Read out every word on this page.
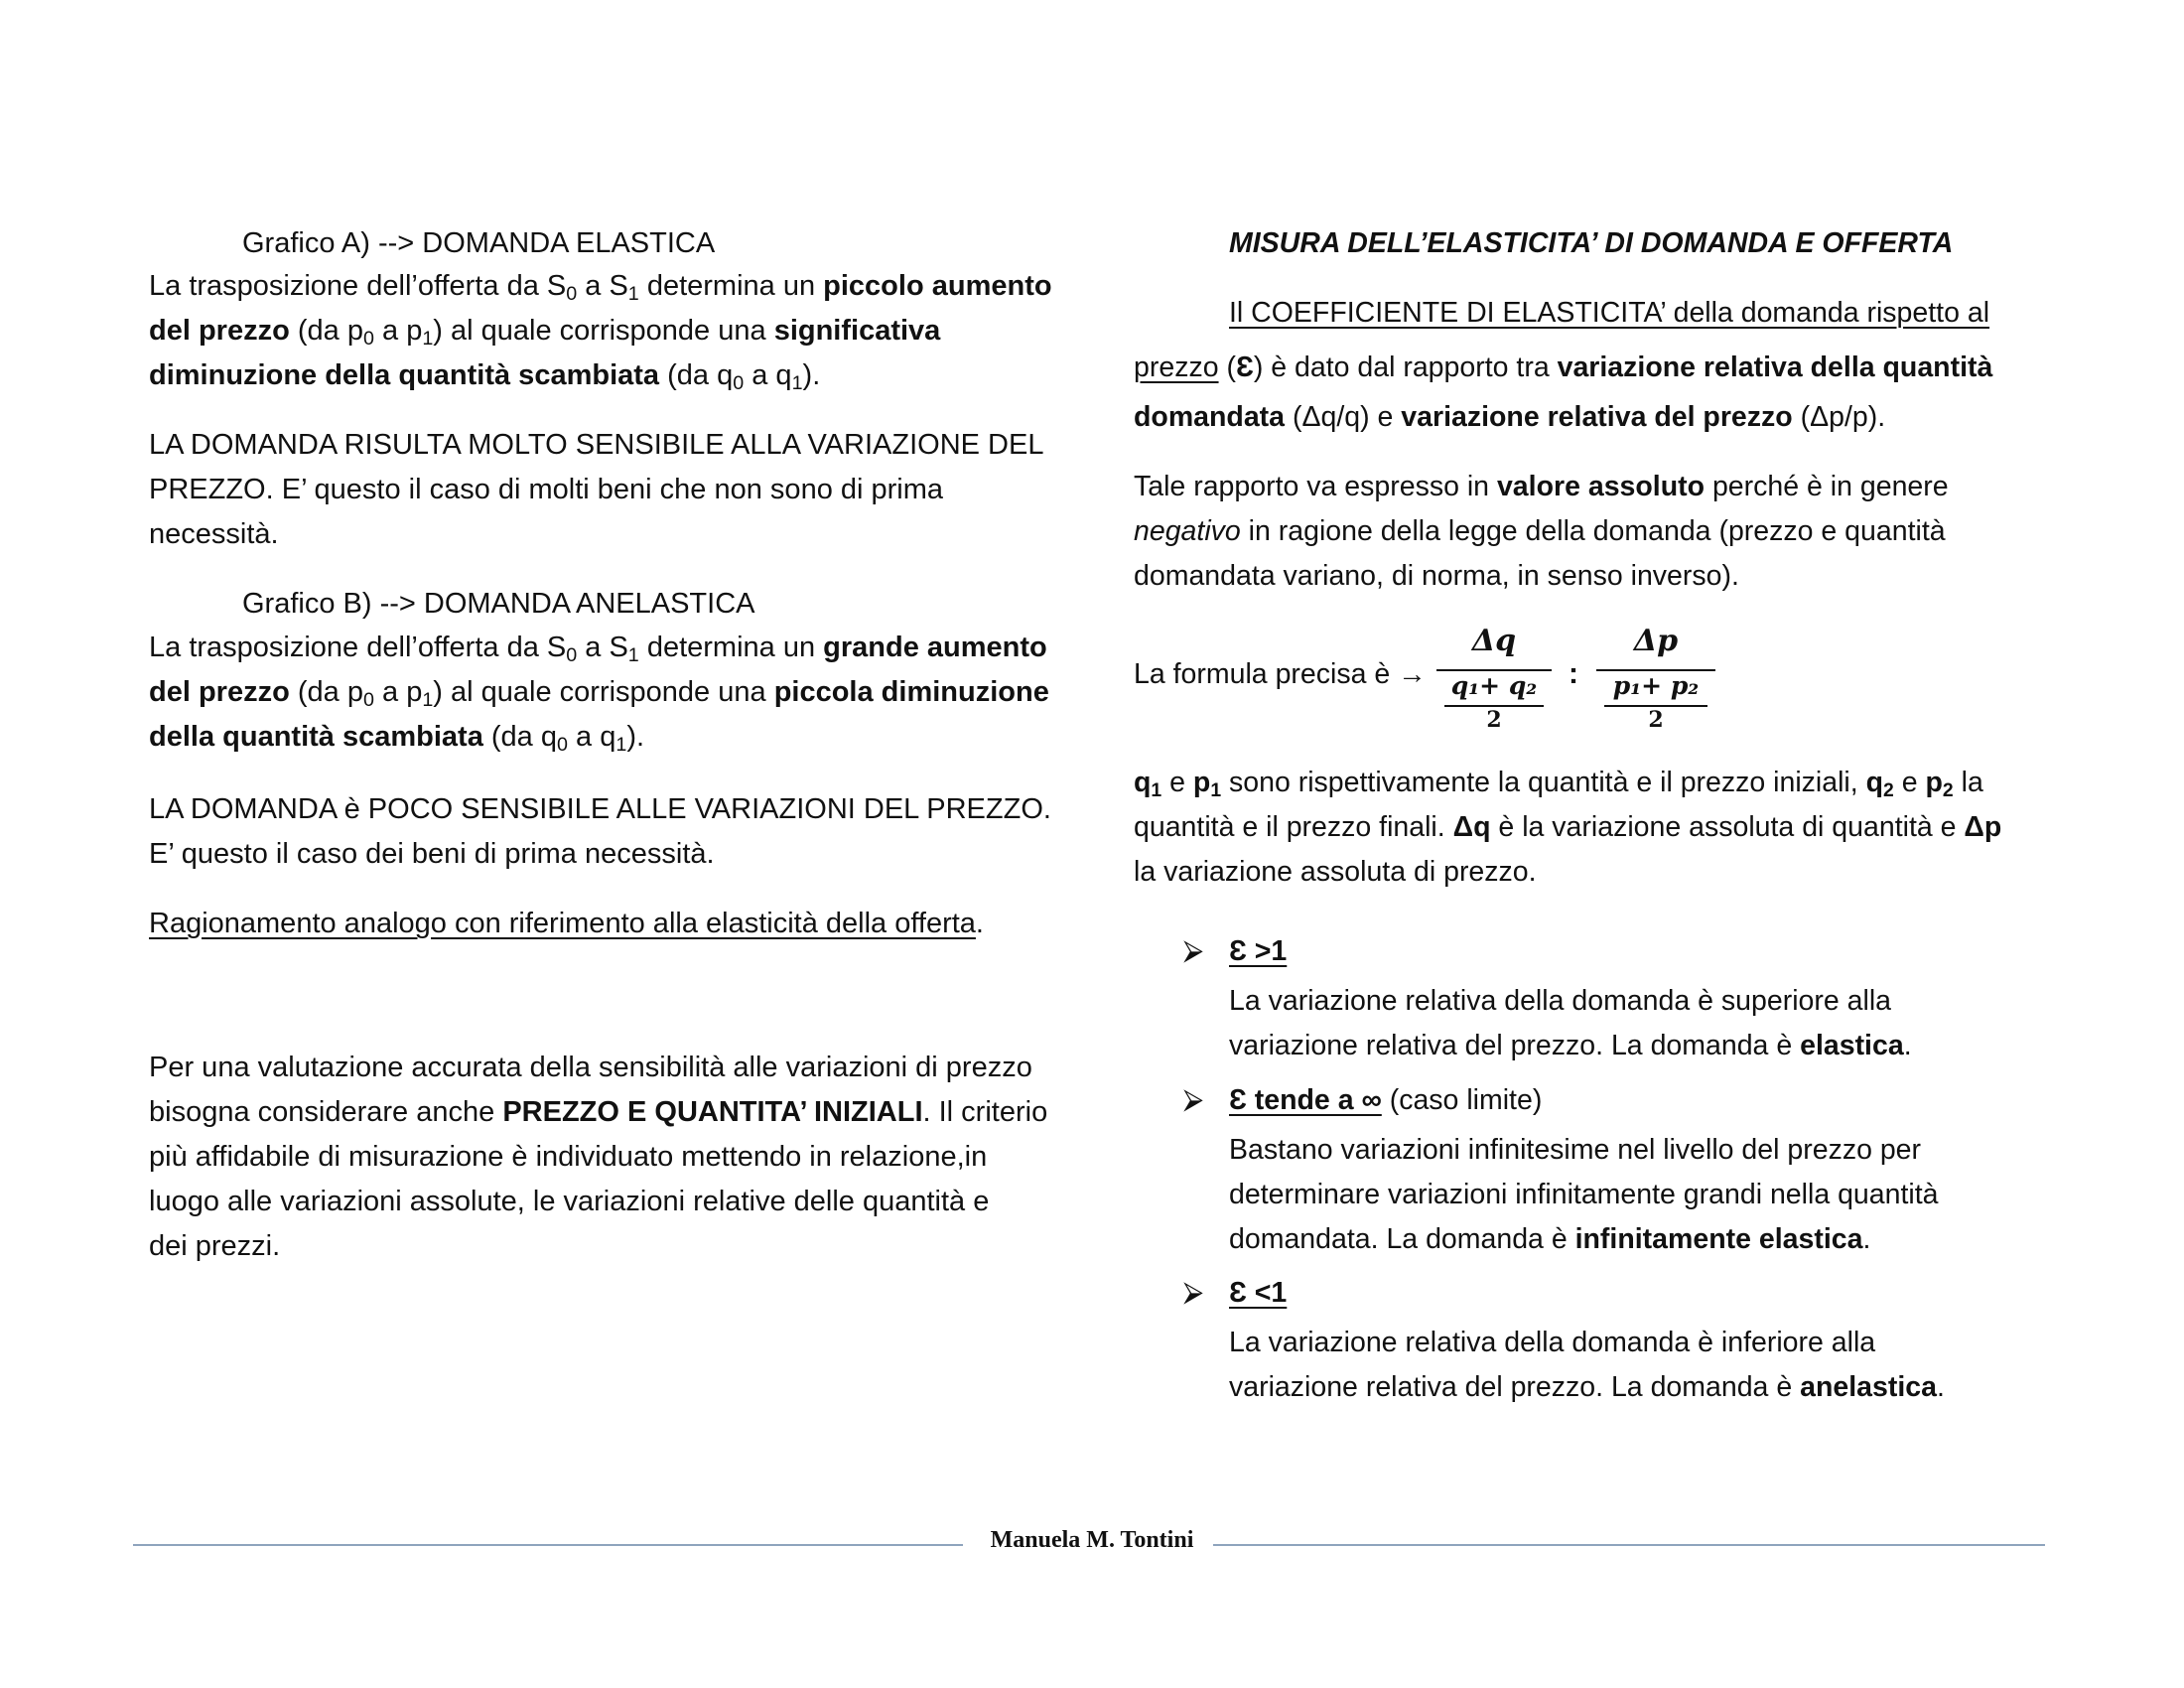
Grafico A) --> DOMANDA ELASTICA
La trasposizione dell’offerta da $S_0$ a $S_1$ determina un piccolo aumento
del prezzo (da $p_0$ a $p_1$) al quale corrisponde una significativa
diminuzione della quantità scambiata (da $q_0$ a $q_1$).
LA DOMANDA RISULTA MOLTO SENSIBILE ALLA VARIAZIONE DEL
PREZZO. E’ questo il caso di molti beni che non sono di prima
necessità.
Grafico B) --> DOMANDA ANELASTICA
La trasposizione dell’offerta da $S_0$ a $S_1$ determina un grande aumento
del prezzo (da $p_0$ a $p_1$) al quale corrisponde una piccola diminuzione
della quantità scambiata (da $q_0$ a $q_1$).
LA DOMANDA è POCO SENSIBILE ALLE VARIAZIONI DEL PREZZO.
E’ questo il caso dei beni di prima necessità.
Ragionamento analogo con riferimento alla elasticità della offerta.
Per una valutazione accurata della sensibilità alle variazioni di prezzo
bisogna considerare anche PREZZO E QUANTITA’ INIZIALI. Il criterio
più affidabile di misurazione è individuato mettendo in relazione,in
luogo alle variazioni assolute, le variazioni relative delle quantità e
dei prezzi.
MISURA DELL’ELASTICITA’ DI DOMANDA E OFFERTA
Il COEFFICIENTE DI ELASTICITA’ della domanda rispetto al
prezzo (Ɛ) è dato dal rapporto tra variazione relativa della quantità
domandata (Δq/q) e variazione relativa del prezzo (Δp/p).
Tale rapporto va espresso in valore assoluto perché è in genere
negativo in ragione della legge della domanda (prezzo e quantità
domandata variano, di norma, in senso inverso).
La formula precisa è →
Δq
q₁+ q₂
2
:
Δp
p₁+ p₂
2
$q_1$ e $p_1$ sono rispettivamente la quantità e il prezzo iniziali, $q_2$ e $p_2$ la
quantità e il prezzo finali. Δq è la variazione assoluta di quantità e Δp
la variazione assoluta di prezzo.
⮚ Ɛ >1
La variazione relativa della domanda è superiore alla
variazione relativa del prezzo. La domanda è elastica.
⮚ Ɛ tende a ∞ (caso limite)
Bastano variazioni infinitesime nel livello del prezzo per
determinare variazioni infinitamente grandi nella quantità
domandata. La domanda è infinitamente elastica.
⮚ Ɛ <1
La variazione relativa della domanda è inferiore alla
variazione relativa del prezzo. La domanda è anelastica.
Manuela M. Tontini
